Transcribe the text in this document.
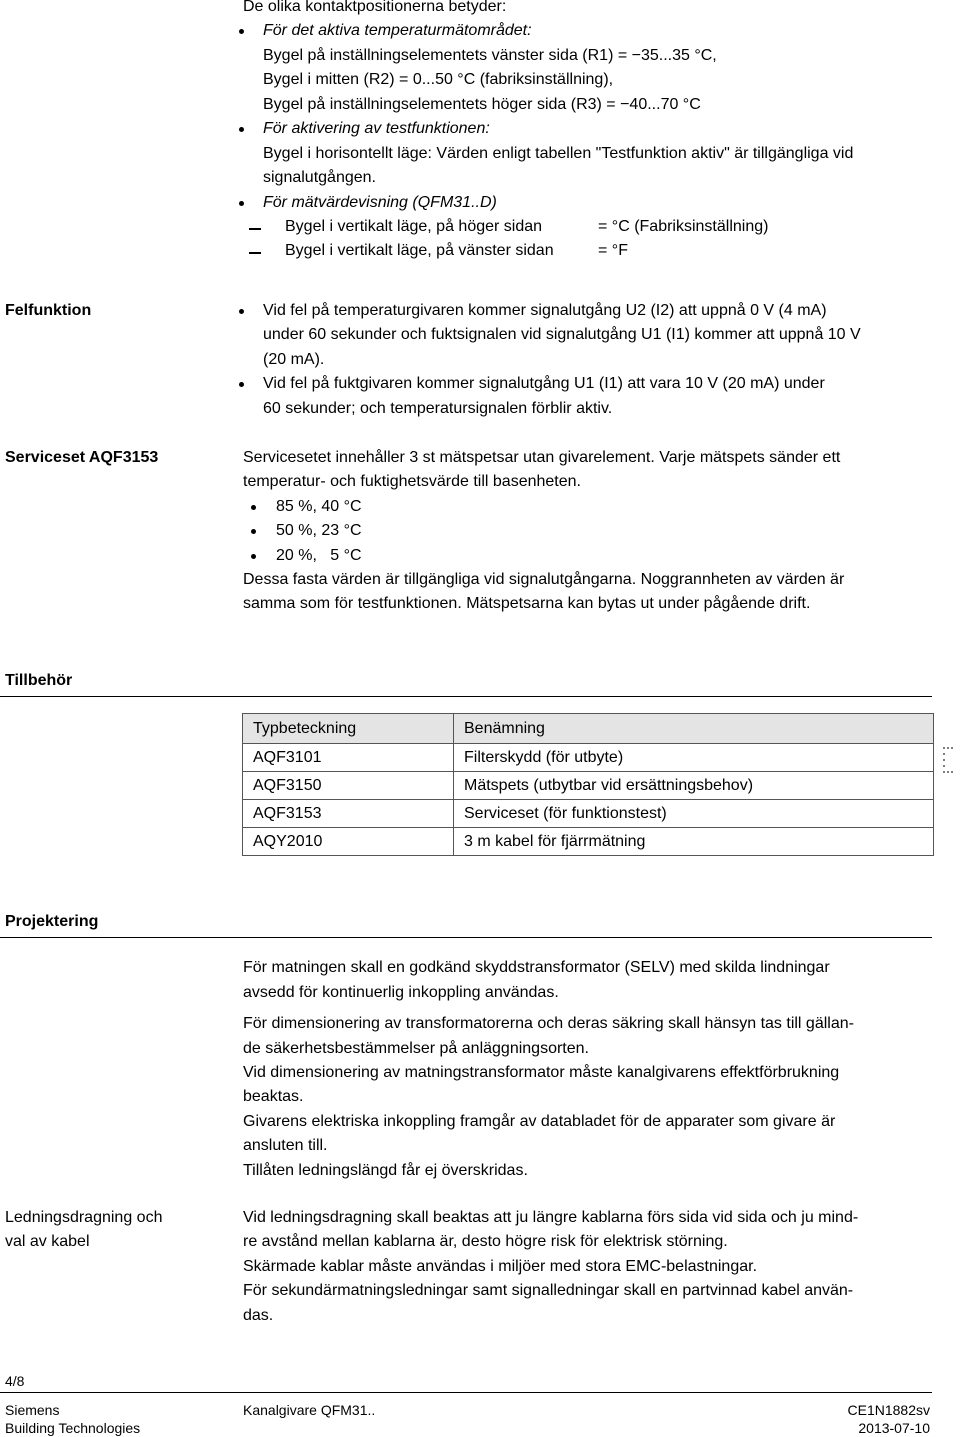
De olika kontaktpositionerna betyder:
För det aktiva temperaturmätområdet:
Bygel på inställningselementets vänster sida (R1) = −35...35 °C,
Bygel i mitten (R2) = 0...50 °C (fabriksinställning),
Bygel på inställningselementets höger sida (R3) = −40...70 °C
För aktivering av testfunktionen:
Bygel i horisontellt läge: Värden enligt tabellen "Testfunktion aktiv" är tillgängliga vid
signalutgången.
För mätvärdevisning (QFM31..D)
Bygel i vertikalt läge, på höger sidan	= °C (Fabriksinställning)
Bygel i vertikalt läge, på vänster sidan	= °F
Felfunktion	Vid fel på temperaturgivaren kommer signalutgång U2 (I2) att uppnå 0 V (4 mA)
under 60 sekunder och fuktsignalen vid signalutgång U1 (I1) kommer att uppnå 10 V
(20 mA).
Vid fel på fuktgivaren kommer signalutgång U1 (I1) att vara 10 V (20 mA) under
60 sekunder; och temperatursignalen förblir aktiv.
Serviceset AQF3153	Servicesetet innehåller 3 st mätspetsar utan givarelement. Varje mätspets sänder ett
temperatur- och fuktighetsvärde till basenheten.
85 %, 40 °C
50 %, 23 °C
20 %,   5 °C
Dessa fasta värden är tillgängliga vid signalutgångarna. Noggrannheten av värden är
samma som för testfunktionen. Mätspetsarna kan bytas ut under pågående drift.
Tillbehör
Typbeteckning	Benämning
AQF3101	Filterskydd (för utbyte)
AQF3150	Mätspets (utbytbar vid ersättningsbehov)
AQF3153	Serviceset (för funktionstest)
AQY2010	3 m kabel för fjärrmätning
Projektering
För matningen skall en godkänd skyddstransformator (SELV) med skilda lindningar
avsedd för kontinuerlig inkoppling användas.
För dimensionering av transformatorerna och deras säkring skall hänsyn tas till gällan-
de säkerhetsbestämmelser på anläggningsorten.
Vid dimensionering av matningstransformator måste kanalgivarens effektförbrukning
beaktas.
Givarens elektriska inkoppling framgår av databladet för de apparater som givare är
ansluten till.
Tillåten ledningslängd får ej överskridas.
Ledningsdragning och
val av kabel
Vid ledningsdragning skall beaktas att ju längre kablarna förs sida vid sida och ju mind-
re avstånd mellan kablarna är, desto högre risk för elektrisk störning.
Skärmade kablar måste användas i miljöer med stora EMC-belastningar.
För sekundärmatningsledningar samt signalledningar skall en partvinnad kabel använ-
das.
4/8
Siemens
Building Technologies
Kanalgivare QFM31..	CE1N1882sv
2013-07-10
